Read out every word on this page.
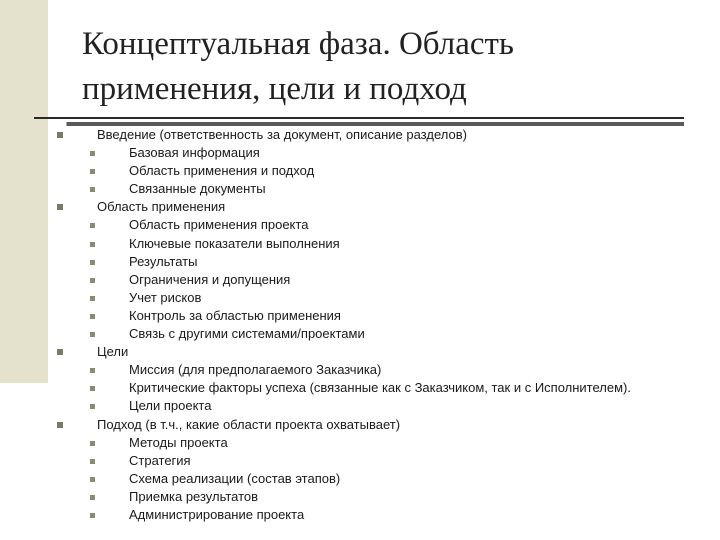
Концептуальная фаза. Область применения, цели и подход
Введение (ответственность за документ, описание разделов)
Базовая информация
Область применения и подход
Связанные документы
Область применения
Область применения проекта
Ключевые показатели выполнения
Результаты
Ограничения и допущения
Учет рисков
Контроль за областью применения
Связь с другими системами/проектами
Цели
Миссия (для предполагаемого Заказчика)
Критические факторы успеха (связанные как с Заказчиком, так и с Исполнителем).
Цели проекта
Подход (в т.ч., какие области проекта охватывает)
Методы проекта
Стратегия
Схема реализации (состав этапов)
Приемка результатов
Администрирование проекта
